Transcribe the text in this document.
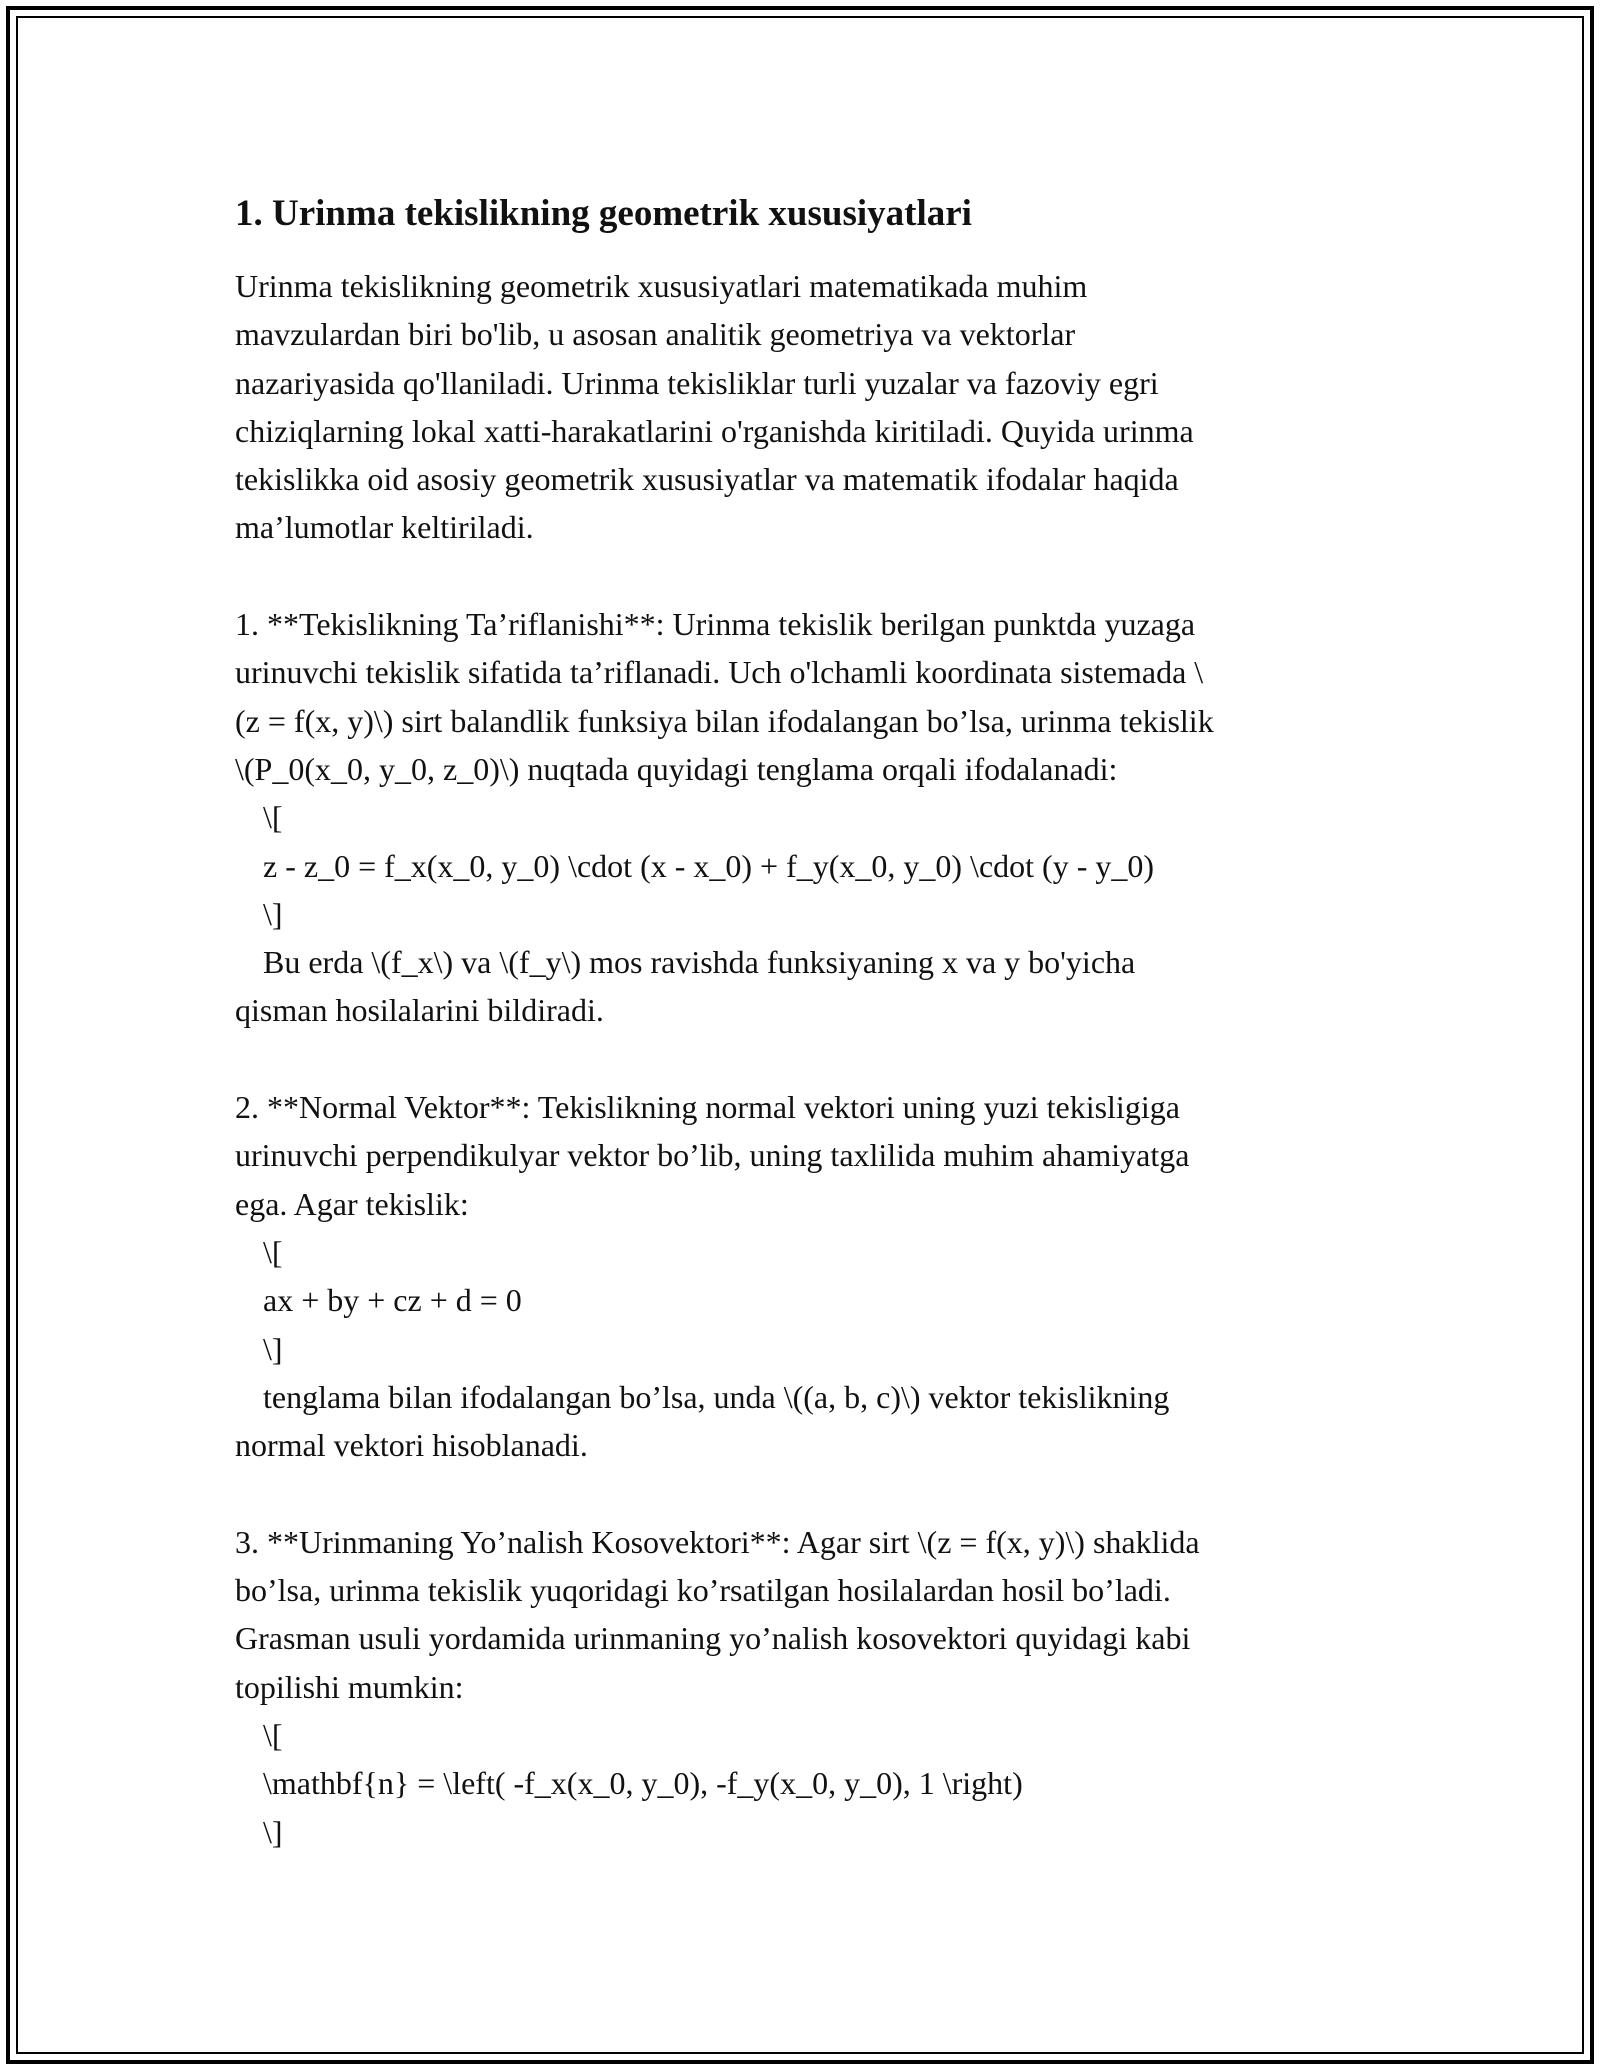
1. Urinma tekislikning geometrik xususiyatlari
Urinma tekislikning geometrik xususiyatlari matematikada muhim
mavzulardan biri bo'lib, u asosan analitik geometriya va vektorlar
nazariyasida qo'llaniladi. Urinma tekisliklar turli yuzalar va fazoviy egri
chiziqlarning lokal xatti-harakatlarini o'rganishda kiritiladi. Quyida urinma
tekislikka oid asosiy geometrik xususiyatlar va matematik ifodalar haqida
ma’lumotlar keltiriladi.
1. **Tekislikning Ta’riflanishi**: Urinma tekislik berilgan punktda yuzaga
urinuvchi tekislik sifatida ta’riflanadi. Uch o'lchamli koordinata sistemada \
(z = f(x, y)\) sirt balandlik funksiya bilan ifodalangan bo’lsa, urinma tekislik
\(P_0(x_0, y_0, z_0)\) nuqtada quyidagi tenglama orqali ifodalanadi:
\[
z - z_0 = f_x(x_0, y_0) \cdot (x - x_0) + f_y(x_0, y_0) \cdot (y - y_0)
\]
Bu erda \(f_x\) va \(f_y\) mos ravishda funksiyaning x va y bo'yicha
qisman hosilalarini bildiradi.
2. **Normal Vektor**: Tekislikning normal vektori uning yuzi tekisligiga
urinuvchi perpendikulyar vektor bo’lib, uning taxlilida muhim ahamiyatga
ega. Agar tekislik:
\[
ax + by + cz + d = 0
\]
tenglama bilan ifodalangan bo’lsa, unda \((a, b, c)\) vektor tekislikning
normal vektori hisoblanadi.
3. **Urinmaning Yo’nalish Kosovektori**: Agar sirt \(z = f(x, y)\) shaklida
bo’lsa, urinma tekislik yuqoridagi ko’rsatilgan hosilalardan hosil bo’ladi.
Grasman usuli yordamida urinmaning yo’nalish kosovektori quyidagi kabi
topilishi mumkin:
\[
\mathbf{n} = \left( -f_x(x_0, y_0), -f_y(x_0, y_0), 1 \right)
\]
